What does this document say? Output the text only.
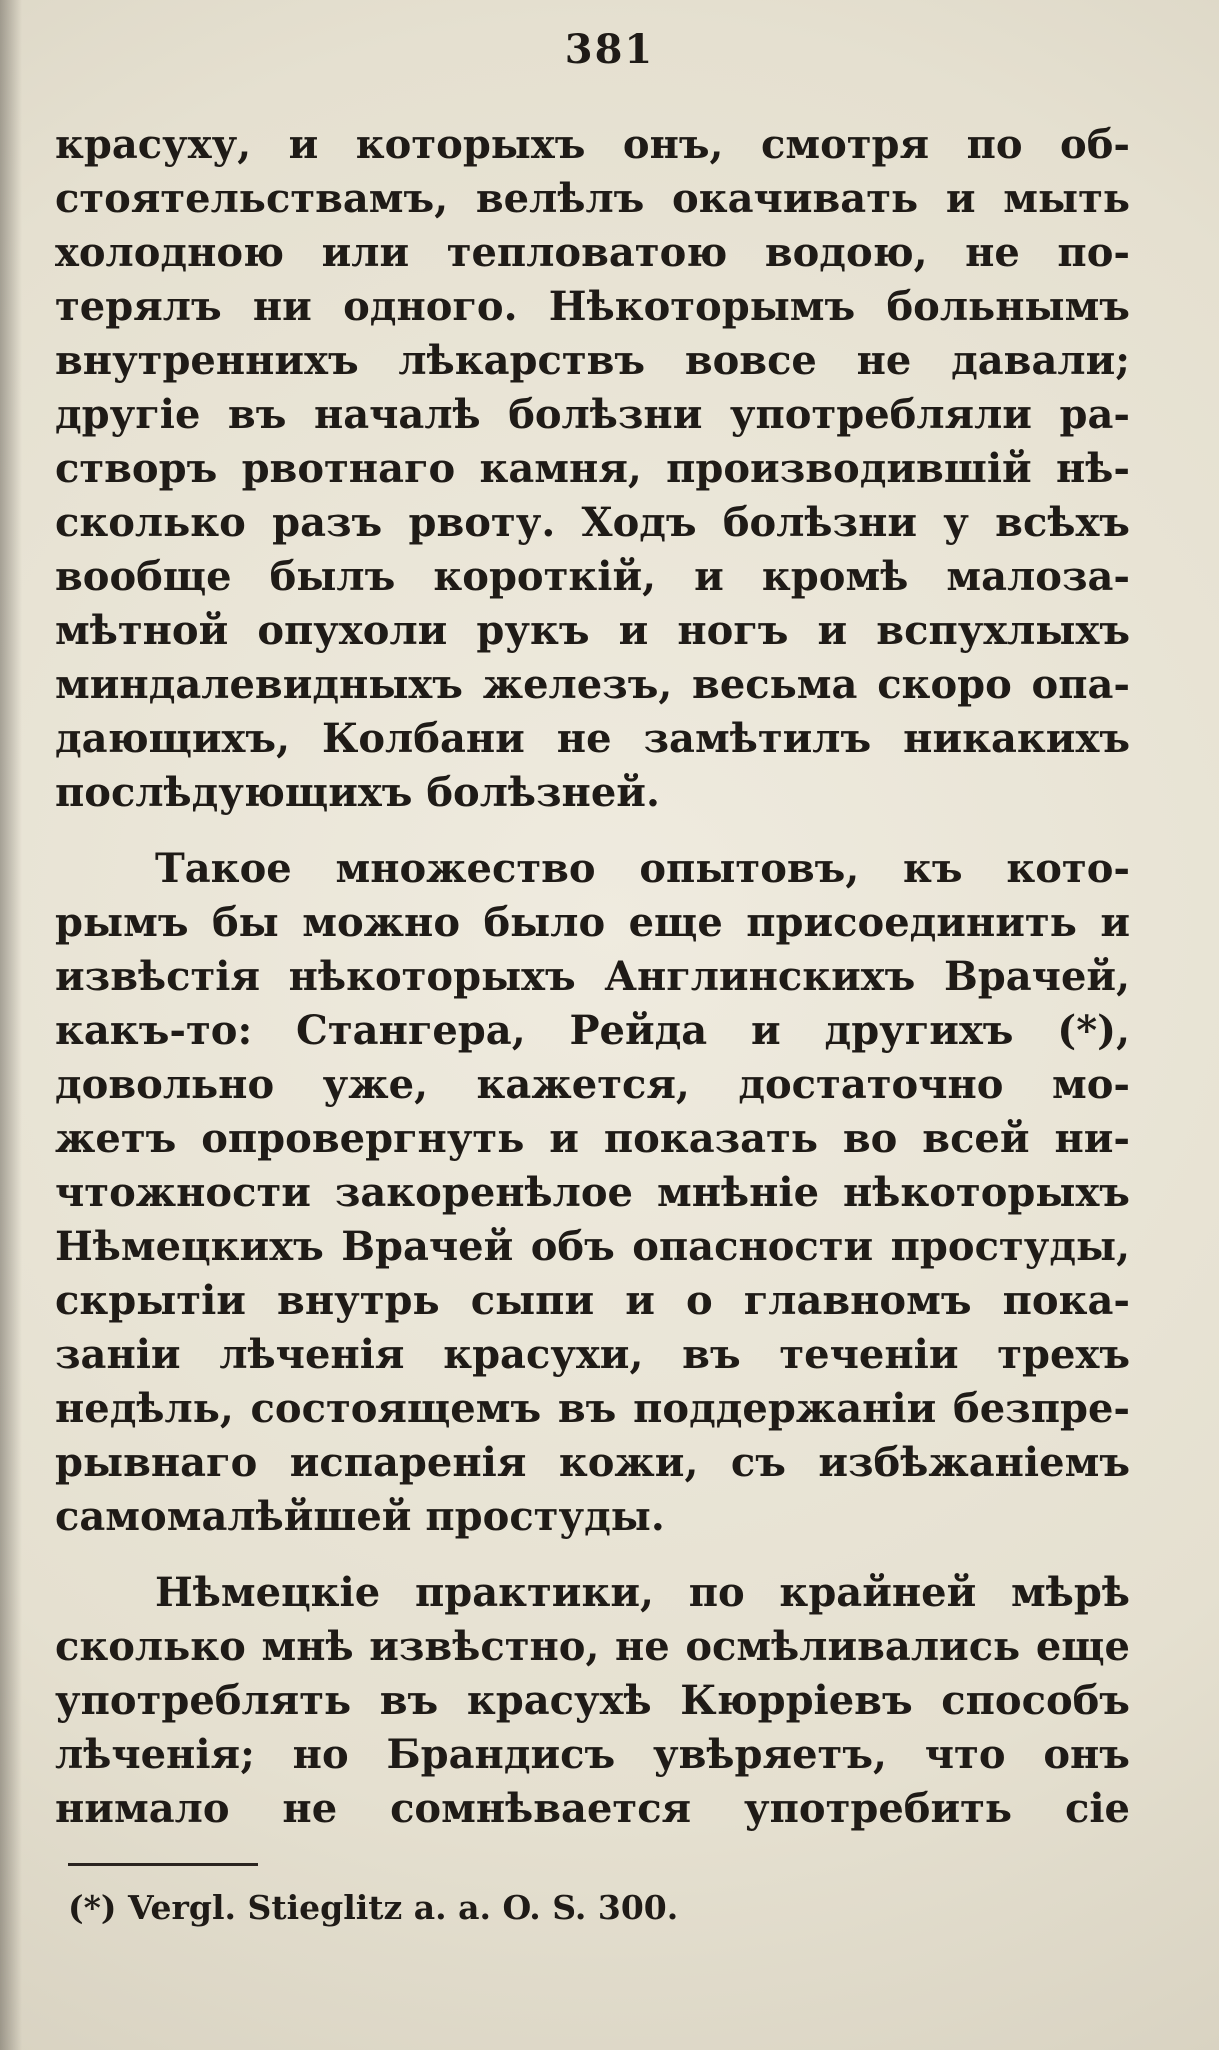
381
красуху, и которыхъ онъ, смотря по об-
стоятельствамъ, велѣлъ окачивать и мыть
холодною или тепловатою водою, не по-
терялъ ни одного. Нѣкоторымъ больнымъ
внутреннихъ лѣкарствъ вовсе не давали;
другіе въ началѣ болѣзни употребляли ра-
створъ рвотнаго камня, производившій нѣ-
сколько разъ рвоту. Ходъ болѣзни у всѣхъ
вообще былъ короткій, и кромѣ малоза-
мѣтной опухоли рукъ и ногъ и вспухлыхъ
миндалевидныхъ железъ, весьма скоро опа-
дающихъ, Колбани не замѣтилъ никакихъ
послѣдующихъ болѣзней.
Такое множество опытовъ, къ кото-
рымъ бы можно было еще присоединить и
извѣстія нѣкоторыхъ Англинскихъ Врачей,
какъ-то: Стангера, Рейда и другихъ (*),
довольно уже, кажется, достаточно мо-
жетъ опровергнуть и показать во всей ни-
чтожности закоренѣлое мнѣніе нѣкоторыхъ
Нѣмецкихъ Врачей объ опасности простуды,
скрытіи внутрь сыпи и о главномъ пока-
заніи лѣченія красухи, въ теченіи трехъ
недѣль, состоящемъ въ поддержаніи безпре-
рывнаго испаренія кожи, съ избѣжаніемъ
самомалѣйшей простуды.
Нѣмецкіе практики, по крайней мѣрѣ
сколько мнѣ извѣстно, не осмѣливались еще
употреблять въ красухѣ Кюрріевъ способъ
лѣченія; но Брандисъ увѣряетъ, что онъ
нимало не сомнѣвается употребить сіе
(*) Vergl. Stieglitz a. a. O. S. 300.
